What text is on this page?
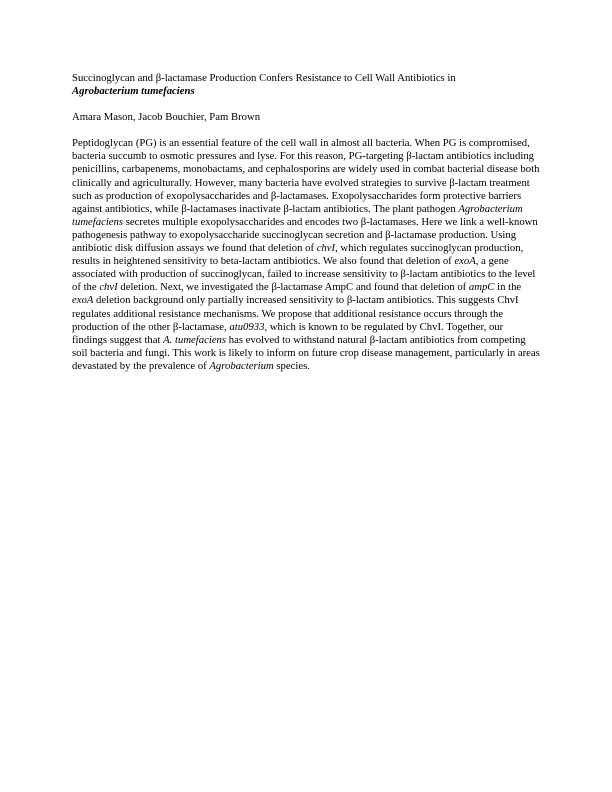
Succinoglycan and β-lactamase Production Confers Resistance to Cell Wall Antibiotics in
Agrobacterium tumefaciens

Amara Mason, Jacob Bouchier, Pam Brown

Peptidoglycan (PG) is an essential feature of the cell wall in almost all bacteria. When PG is compromised, bacteria succumb to osmotic pressures and lyse. For this reason, PG-targeting β-lactam antibiotics including penicillins, carbapenems, monobactams, and cephalosporins are widely used in combat bacterial disease both clinically and agriculturally. However, many bacteria have evolved strategies to survive β-lactam treatment such as production of exopolysaccharides and β-lactamases. Exopolysaccharides form protective barriers against antibiotics, while β-lactamases inactivate β-lactam antibiotics. The plant pathogen Agrobacterium tumefaciens secretes multiple exopolysaccharides and encodes two β-lactamases. Here we link a well-known pathogenesis pathway to exopolysaccharide succinoglycan secretion and β-lactamase production. Using antibiotic disk diffusion assays we found that deletion of chvI, which regulates succinoglycan production, results in heightened sensitivity to beta-lactam antibiotics. We also found that deletion of exoA, a gene associated with production of succinoglycan, failed to increase sensitivity to β-lactam antibiotics to the level of the chvI deletion. Next, we investigated the β-lactamase AmpC and found that deletion of ampC in the exoA deletion background only partially increased sensitivity to β-lactam antibiotics. This suggests ChvI regulates additional resistance mechanisms. We propose that additional resistance occurs through the production of the other β-lactamase, atu0933, which is known to be regulated by ChvI. Together, our findings suggest that A. tumefaciens has evolved to withstand natural β-lactam antibiotics from competing soil bacteria and fungi. This work is likely to inform on future crop disease management, particularly in areas devastated by the prevalence of Agrobacterium species.
